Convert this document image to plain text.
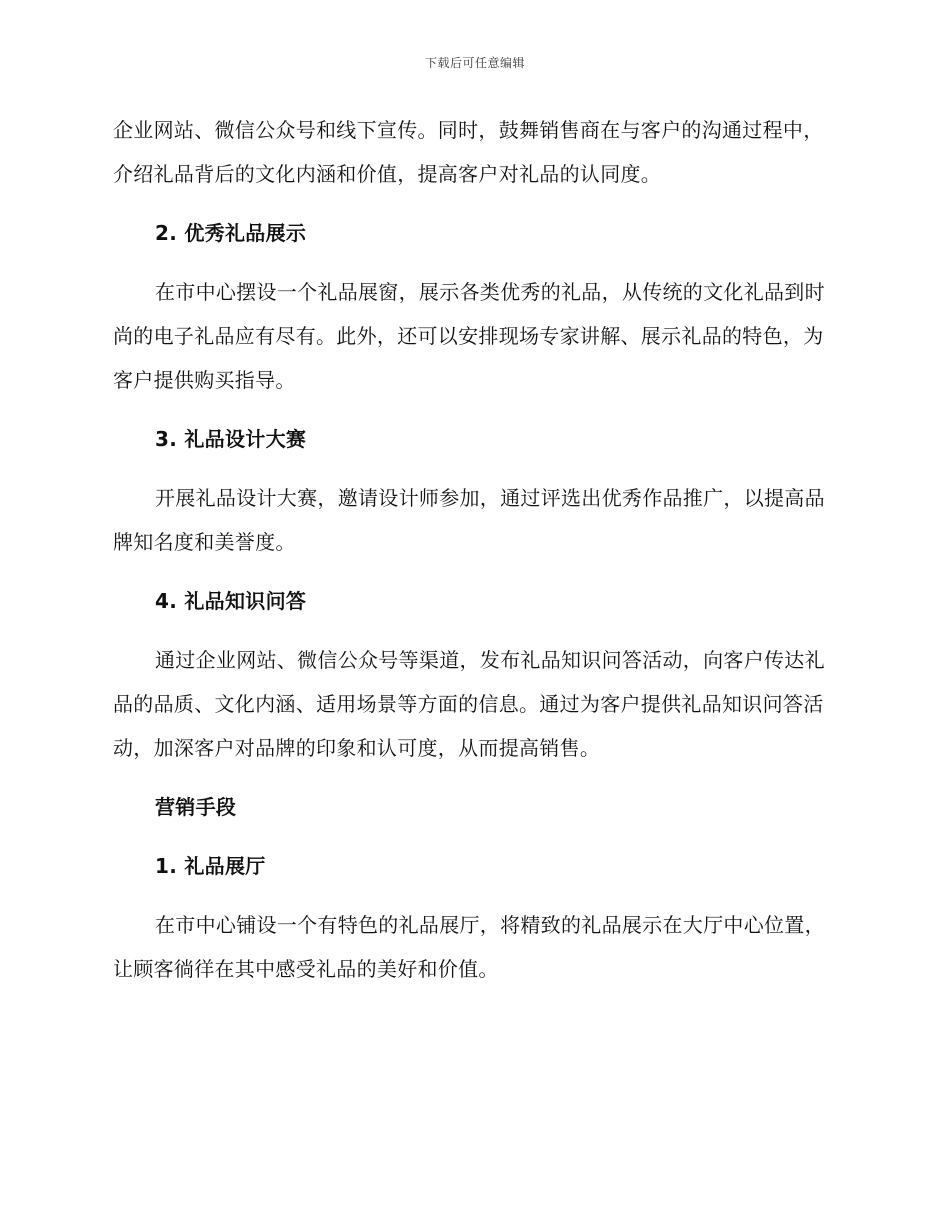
下载后可任意编辑

企业网站、微信公众号和线下宣传。同时，鼓舞销售商在与客户的沟通过程中，介绍礼品背后的文化内涵和价值，提高客户对礼品的认同度。

2. 优秀礼品展示

在市中心摆设一个礼品展窗，展示各类优秀的礼品，从传统的文化礼品到时尚的电子礼品应有尽有。此外，还可以安排现场专家讲解、展示礼品的特色，为客户提供购买指导。

3. 礼品设计大赛

开展礼品设计大赛，邀请设计师参加，通过评选出优秀作品推广，以提高品牌知名度和美誉度。

4. 礼品知识问答

通过企业网站、微信公众号等渠道，发布礼品知识问答活动，向客户传达礼品的品质、文化内涵、适用场景等方面的信息。通过为客户提供礼品知识问答活动，加深客户对品牌的印象和认可度，从而提高销售。

营销手段

1. 礼品展厅

在市中心铺设一个有特色的礼品展厅，将精致的礼品展示在大厅中心位置，让顾客徜徉在其中感受礼品的美好和价值。
